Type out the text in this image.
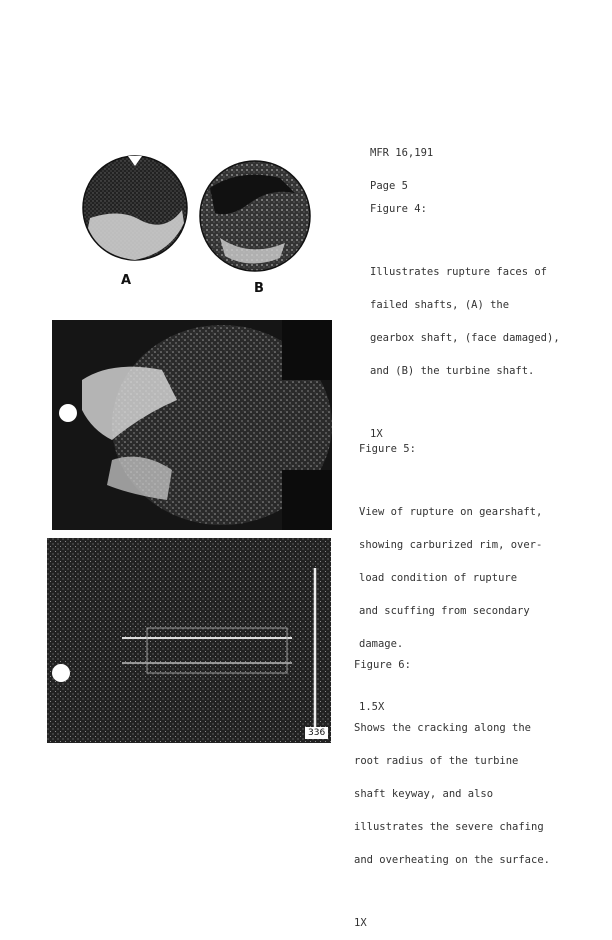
MFR 16,191

Page 5

A
B

Figure 4:

Illustrates rupture faces of

failed shafts, (A) the

gearbox shaft, (face damaged),

and (B) the turbine shaft.

1X

Figure 5:

View of rupture on gearshaft,

showing carburized rim, over-

load condition of rupture

and scuffing from secondary

damage.

1.5X

336

Figure 6:

Shows the cracking along the

root radius of the turbine

shaft keyway, and also

illustrates the severe chafing

and overheating on the surface.

1X
